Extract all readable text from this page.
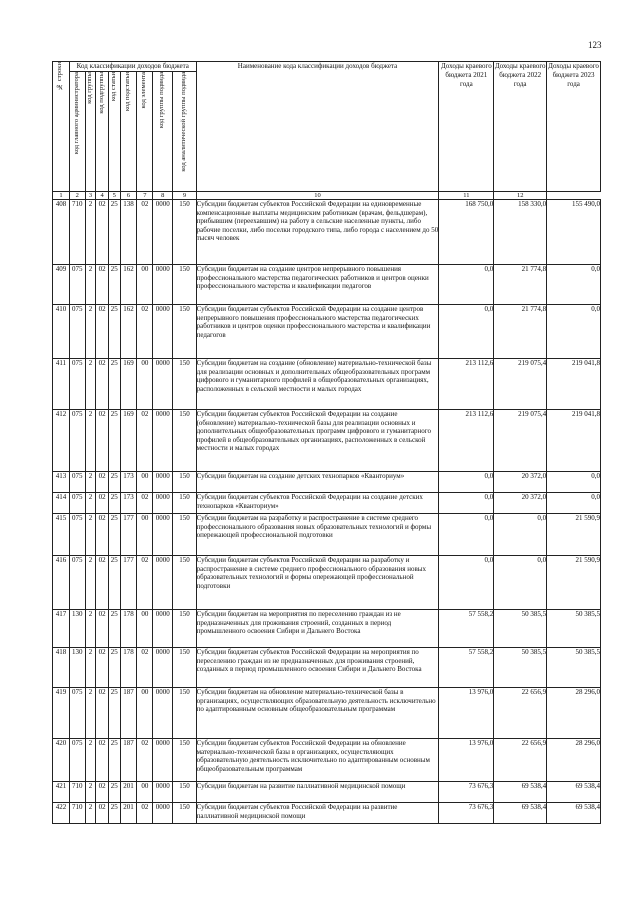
123
№ строки	Код классификации доходов бюджета								Наименование кода классификации доходов бюджета	Доходы краевого бюджета 2021 года	Доходы краевого бюджета 2022 года	Доходы краевого бюджета 2023 года
	код главного администратора	код группы	код подгруппы	код статьи	код подстатьи	код элемента	код группы подвида	код аналитической группы подвида				
1	2	3	4	5	6	7	8	9	10	11	12	
408	710	2	02	25	138	02	0000	150	Субсидии бюджетам субъектов Российской Федерации на единовременные компенсационные выплаты медицинским работникам (врачам, фельдшерам), прибывшим (переехавшим) на работу в сельские населенные пункты, либо рабочие поселки, либо поселки городского типа, либо города с населением до 50 тысяч человек	168 750,0	158 330,0	155 490,0
409	075	2	02	25	162	00	0000	150	Субсидии бюджетам на создание центров непрерывного повышения профессионального мастерства педагогических работников и центров оценки профессионального мастерства и квалификации педагогов	0,0	21 774,8	0,0
410	075	2	02	25	162	02	0000	150	Субсидии бюджетам субъектов Российской Федерации на создание центров непрерывного повышения профессионального мастерства педагогических работников и центров оценки профессионального мастерства и квалификации педагогов	0,0	21 774,8	0,0
411	075	2	02	25	169	00	0000	150	Субсидии бюджетам на создание (обновление) материально-технической базы для реализации основных и дополнительных общеобразовательных программ цифрового и гуманитарного профилей в общеобразовательных организациях, расположенных в сельской местности и малых городах	213 112,6	219 075,4	219 041,8
412	075	2	02	25	169	02	0000	150	Субсидии бюджетам субъектов Российской Федерации на создание (обновление) материально-технической базы для реализации основных и дополнительных общеобразовательных программ цифрового и гуманитарного профилей в общеобразовательных организациях, расположенных в сельской местности и малых городах	213 112,6	219 075,4	219 041,8
413	075	2	02	25	173	00	0000	150	Субсидии бюджетам на создание детских технопарков «Кванториум»	0,0	20 372,0	0,0
414	075	2	02	25	173	02	0000	150	Субсидии бюджетам субъектов Российской Федерации на создание детских технопарков «Кванториум»	0,0	20 372,0	0,0
415	075	2	02	25	177	00	0000	150	Субсидии бюджетам на разработку и распространение в системе среднего профессионального образования новых образовательных технологий и формы опережающей профессиональной подготовки	0,0	0,0	21 590,9
416	075	2	02	25	177	02	0000	150	Субсидии бюджетам субъектов Российской Федерации на разработку и распространение в системе среднего профессионального образования новых образовательных технологий и формы опережающей профессиональной подготовки	0,0	0,0	21 590,9
417	130	2	02	25	178	00	0000	150	Субсидии бюджетам на мероприятия по переселению граждан из не предназначенных для проживания строений, созданных в период промышленного освоения Сибири и Дальнего Востока	57 558,2	50 385,5	50 385,5
418	130	2	02	25	178	02	0000	150	Субсидии бюджетам субъектов Российской Федерации на мероприятия по переселению граждан из не предназначенных для проживания строений, созданных в период промышленного освоения Сибири и Дальнего Востока	57 558,2	50 385,5	50 385,5
419	075	2	02	25	187	00	0000	150	Субсидии бюджетам на обновление материально-технической базы в организациях, осуществляющих образовательную деятельность исключительно по адаптированным основным общеобразовательным программам	13 976,0	22 656,9	28 296,0
420	075	2	02	25	187	02	0000	150	Субсидии бюджетам субъектов Российской Федерации на обновление материально-технической базы в организациях, осуществляющих образовательную деятельность исключительно по адаптированным основным общеобразовательным программам	13 976,0	22 656,9	28 296,0
421	710	2	02	25	201	00	0000	150	Субсидии бюджетам на развитие паллиативной медицинской помощи	73 676,3	69 538,4	69 538,4
422	710	2	02	25	201	02	0000	150	Субсидии бюджетам субъектов Российской Федерации на развитие паллиативной медицинской помощи	73 676,3	69 538,4	69 538,4
